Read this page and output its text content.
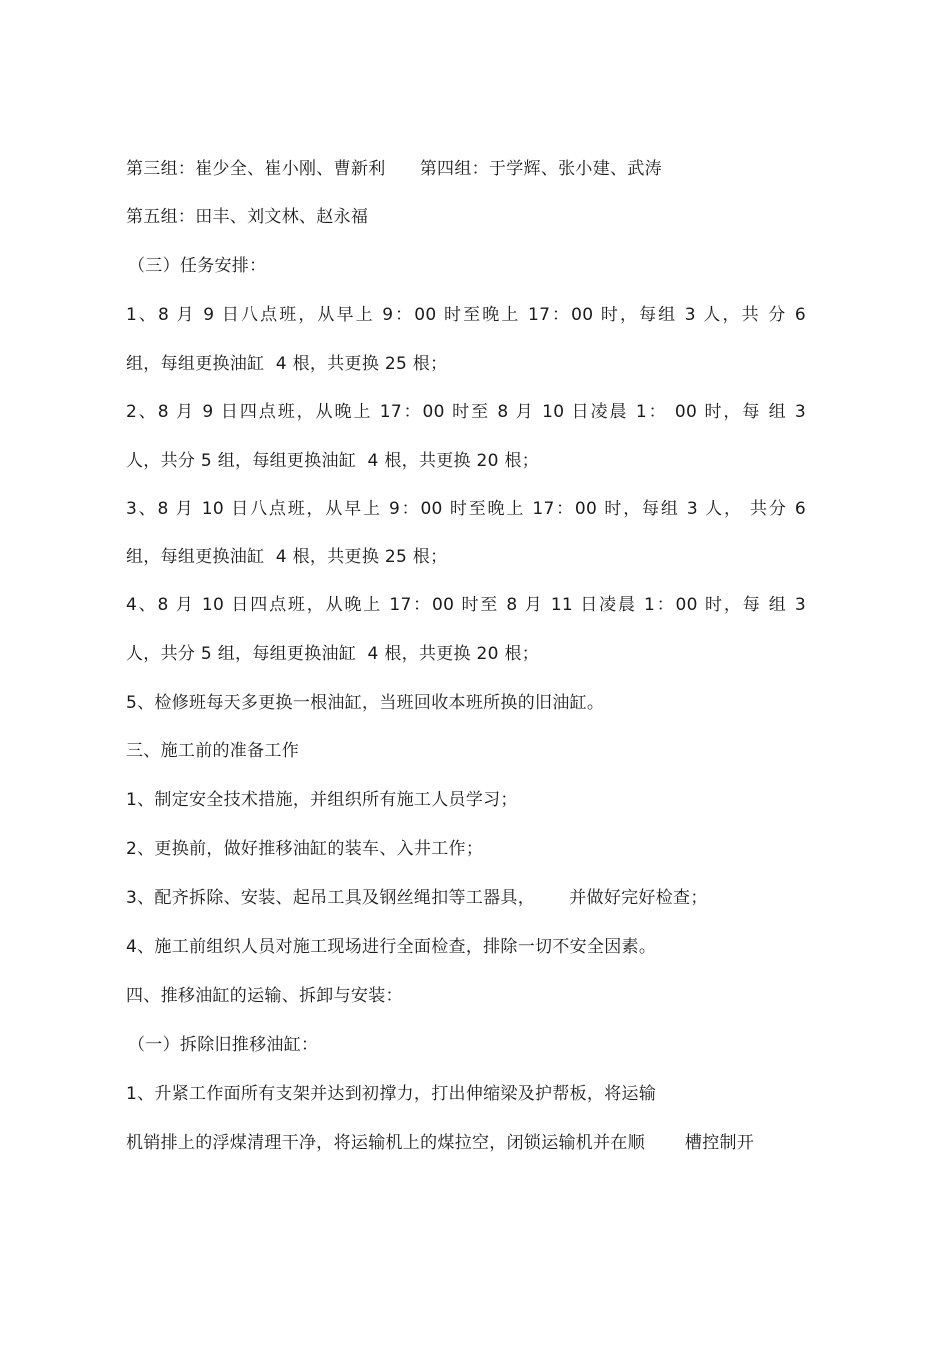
第三组：崔少全、崔小刚、曹新利      第四组：于学辉、张小建、武涛
第五组：田丰、刘文林、赵永福
（三）任务安排：
1、8 月 9 日八点班，从早上 9：00 时至晚上 17：00 时，每组 3 人，共 分 6
组，每组更换油缸  4 根，共更换 25 根；
2、8 月 9 日四点班，从晚上 17：00 时至 8 月 10 日凌晨 1： 00 时，每 组 3
人，共分 5 组，每组更换油缸  4 根，共更换 20 根；
3、8 月 10 日八点班，从早上 9：00 时至晚上 17：00 时，每组 3 人， 共分 6
组，每组更换油缸  4 根，共更换 25 根；
4、8 月 10 日四点班，从晚上 17：00 时至 8 月 11 日凌晨 1：00 时，每 组 3
人，共分 5 组，每组更换油缸  4 根，共更换 20 根；
5、检修班每天多更换一根油缸，当班回收本班所换的旧油缸。
三、施工前的准备工作
1、制定安全技术措施，并组织所有施工人员学习；
2、更换前，做好推移油缸的装车、入井工作；
3、配齐拆除、安装、起吊工具及钢丝绳扣等工器具，      并做好完好检查；
4、施工前组织人员对施工现场进行全面检查，排除一切不安全因素。
四、推移油缸的运输、拆卸与安装：
（一）拆除旧推移油缸：
1、升紧工作面所有支架并达到初撑力，打出伸缩梁及护帮板，将运输
机销排上的浮煤清理干净，将运输机上的煤拉空，闭锁运输机并在顺       槽控制开
